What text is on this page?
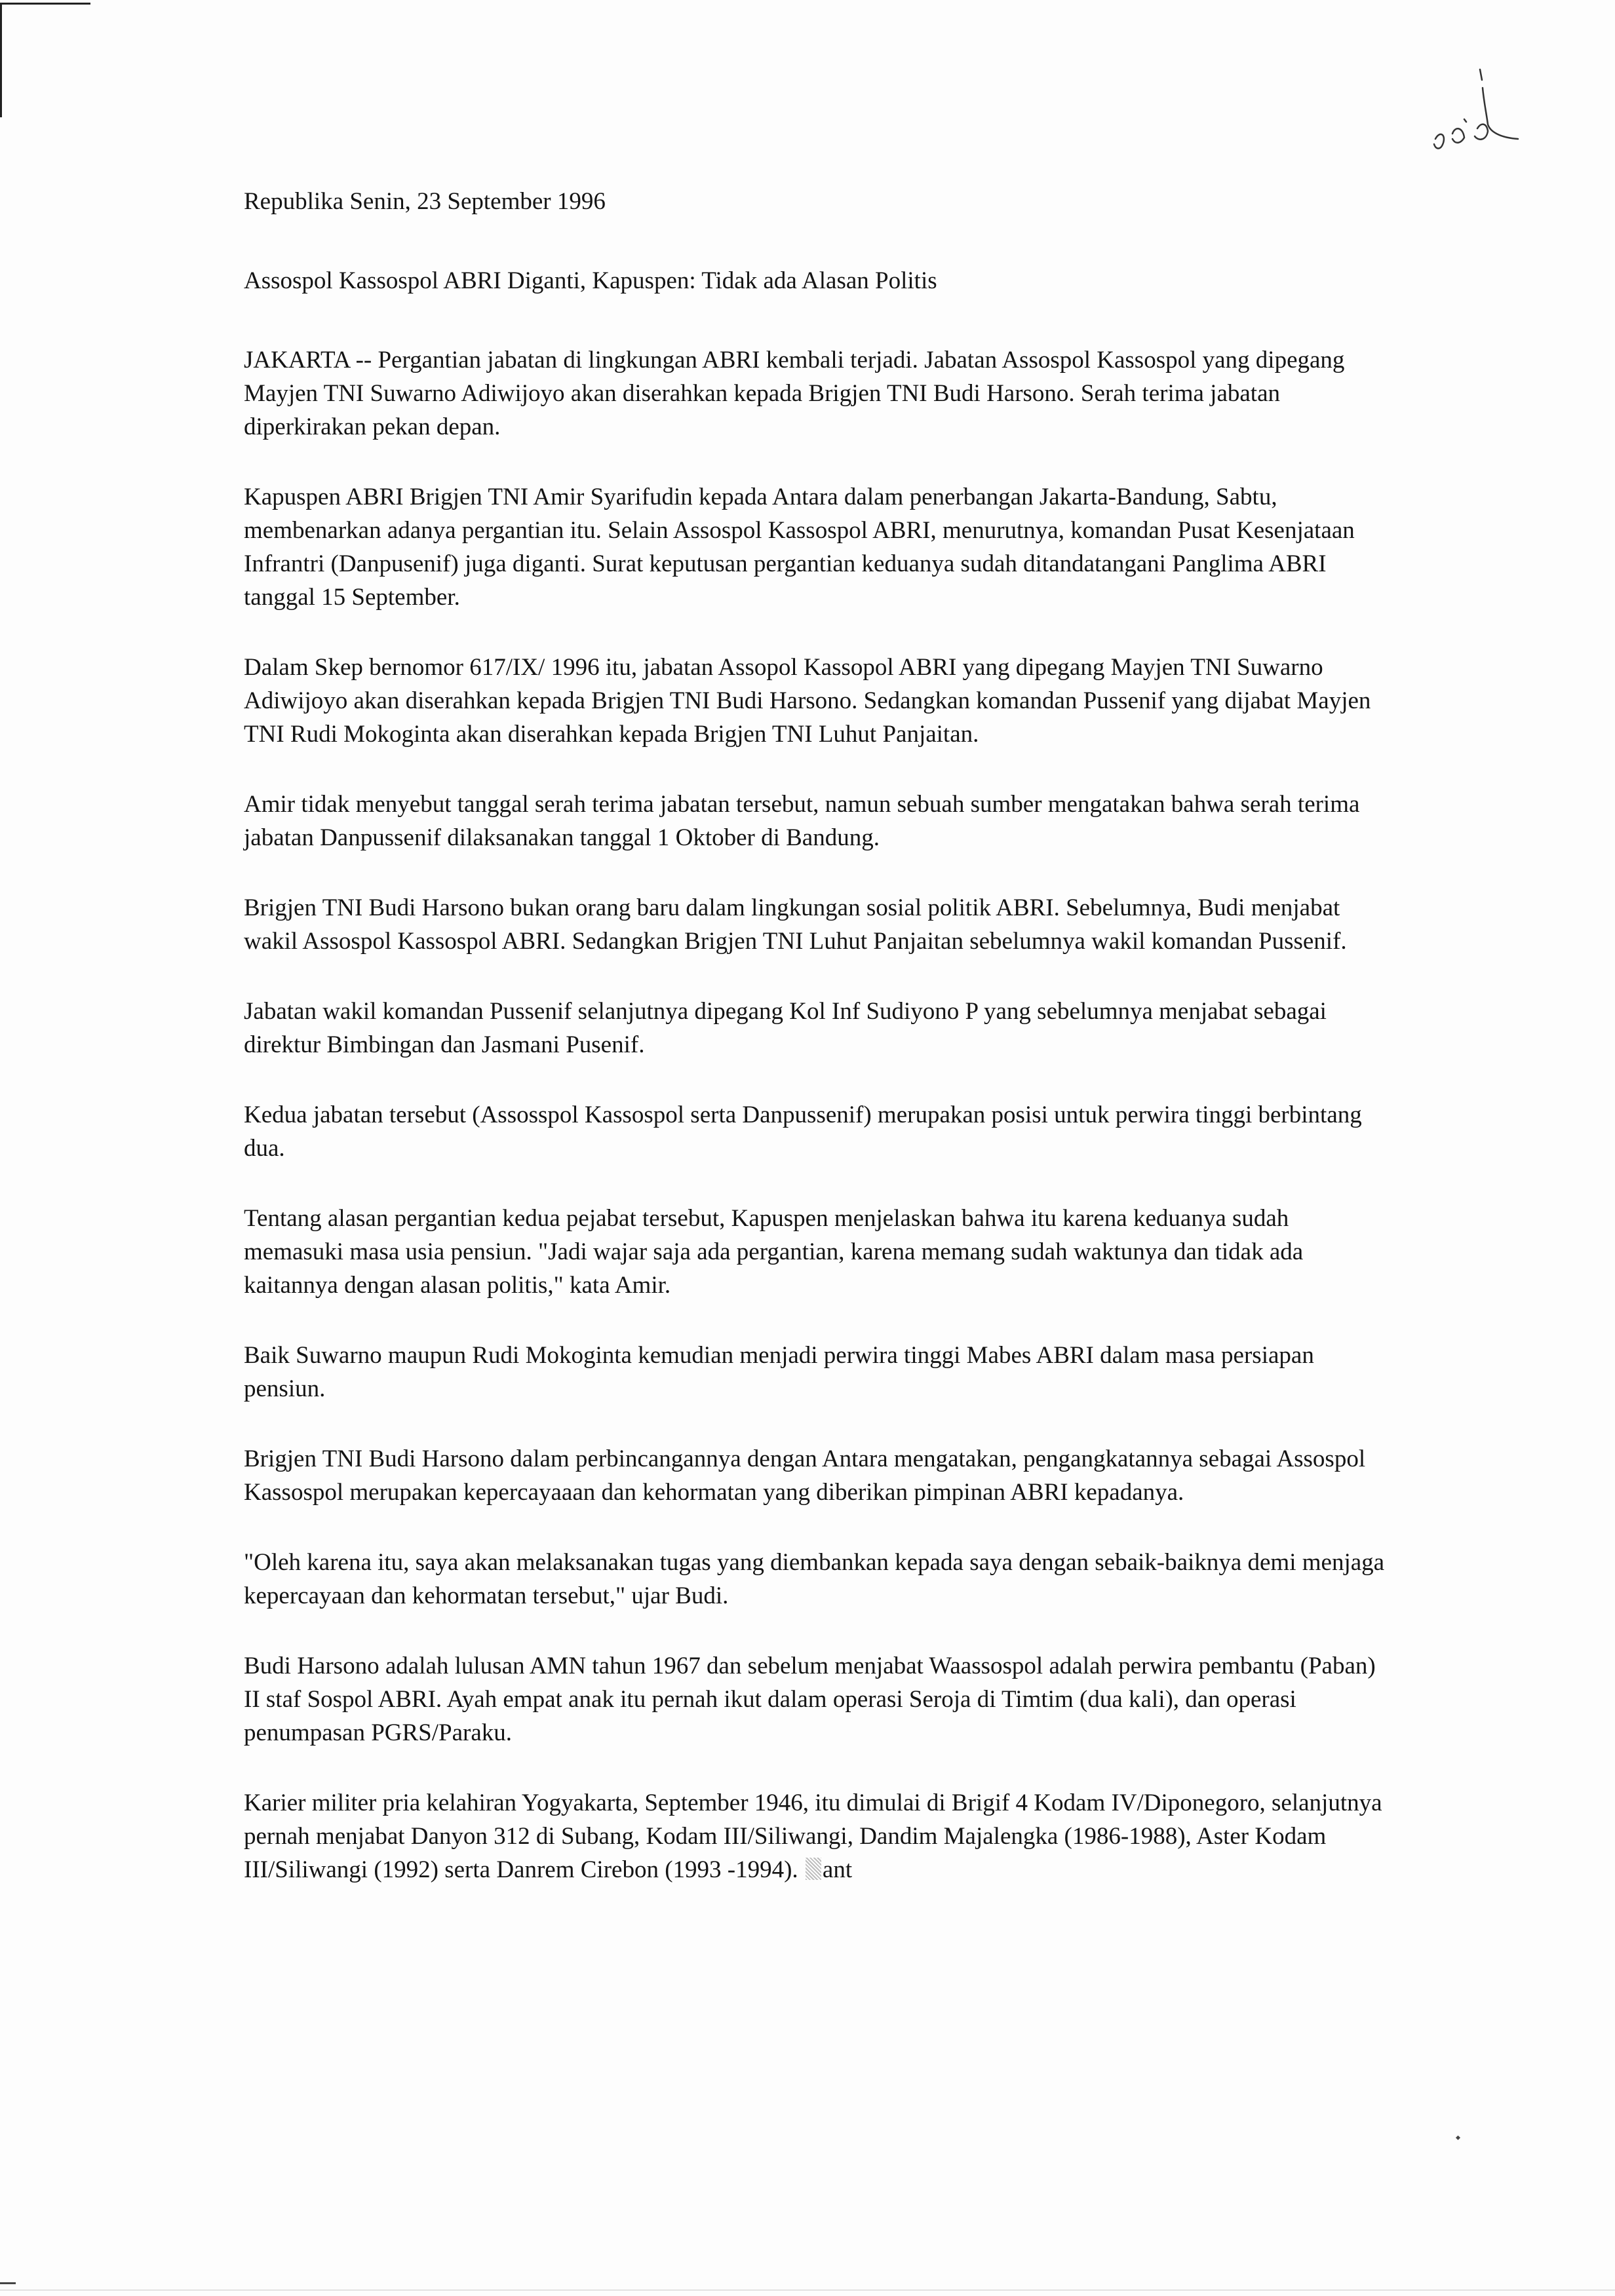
Republika Senin, 23 September 1996

Assospol Kassospol ABRI Diganti, Kapuspen: Tidak ada Alasan Politis

JAKARTA -- Pergantian jabatan di lingkungan ABRI kembali terjadi. Jabatan Assospol Kassospol yang dipegang Mayjen TNI Suwarno Adiwijoyo akan diserahkan kepada Brigjen TNI Budi Harsono. Serah terima jabatan diperkirakan pekan depan.

Kapuspen ABRI Brigjen TNI Amir Syarifudin kepada Antara dalam penerbangan Jakarta-Bandung, Sabtu, membenarkan adanya pergantian itu. Selain Assospol Kassospol ABRI, menurutnya, komandan Pusat Kesenjataan Infrantri (Danpusenif) juga diganti. Surat keputusan pergantian keduanya sudah ditandatangani Panglima ABRI tanggal 15 September.

Dalam Skep bernomor 617/IX/ 1996 itu, jabatan Assopol Kassopol ABRI yang dipegang Mayjen TNI Suwarno Adiwijoyo akan diserahkan kepada Brigjen TNI Budi Harsono. Sedangkan komandan Pussenif yang dijabat Mayjen TNI Rudi Mokoginta akan diserahkan kepada Brigjen TNI Luhut Panjaitan.

Amir tidak menyebut tanggal serah terima jabatan tersebut, namun sebuah sumber mengatakan bahwa serah terima jabatan Danpussenif dilaksanakan tanggal 1 Oktober di Bandung.

Brigjen TNI Budi Harsono bukan orang baru dalam lingkungan sosial politik ABRI. Sebelumnya, Budi menjabat wakil Assospol Kassospol ABRI. Sedangkan Brigjen TNI Luhut Panjaitan sebelumnya wakil komandan Pussenif.

Jabatan wakil komandan Pussenif selanjutnya dipegang Kol Inf Sudiyono P yang sebelumnya menjabat sebagai direktur Bimbingan dan Jasmani Pusenif.

Kedua jabatan tersebut (Assosspol Kassospol serta Danpussenif) merupakan posisi untuk perwira tinggi berbintang dua.

Tentang alasan pergantian kedua pejabat tersebut, Kapuspen menjelaskan bahwa itu karena keduanya sudah memasuki masa usia pensiun. "Jadi wajar saja ada pergantian, karena memang sudah waktunya dan tidak ada kaitannya dengan alasan politis," kata Amir.

Baik Suwarno maupun Rudi Mokoginta kemudian menjadi perwira tinggi Mabes ABRI dalam masa persiapan pensiun.

Brigjen TNI Budi Harsono dalam perbincangannya dengan Antara mengatakan, pengangkatannya sebagai Assospol Kassospol merupakan kepercayaaan dan kehormatan yang diberikan pimpinan ABRI kepadanya.

"Oleh karena itu, saya akan melaksanakan tugas yang diembankan kepada saya dengan sebaik-baiknya demi menjaga kepercayaan dan kehormatan tersebut," ujar Budi.

Budi Harsono adalah lulusan AMN tahun 1967 dan sebelum menjabat Waassospol adalah perwira pembantu (Paban) II staf Sospol ABRI. Ayah empat anak itu pernah ikut dalam operasi Seroja di Timtim (dua kali), dan operasi penumpasan PGRS/Paraku.

Karier militer pria kelahiran Yogyakarta, September 1946, itu dimulai di Brigif 4 Kodam IV/Diponegoro, selanjutnya pernah menjabat Danyon 312 di Subang, Kodam III/Siliwangi, Dandim Majalengka (1986-1988), Aster Kodam III/Siliwangi (1992) serta Danrem Cirebon (1993 -1994). ant
